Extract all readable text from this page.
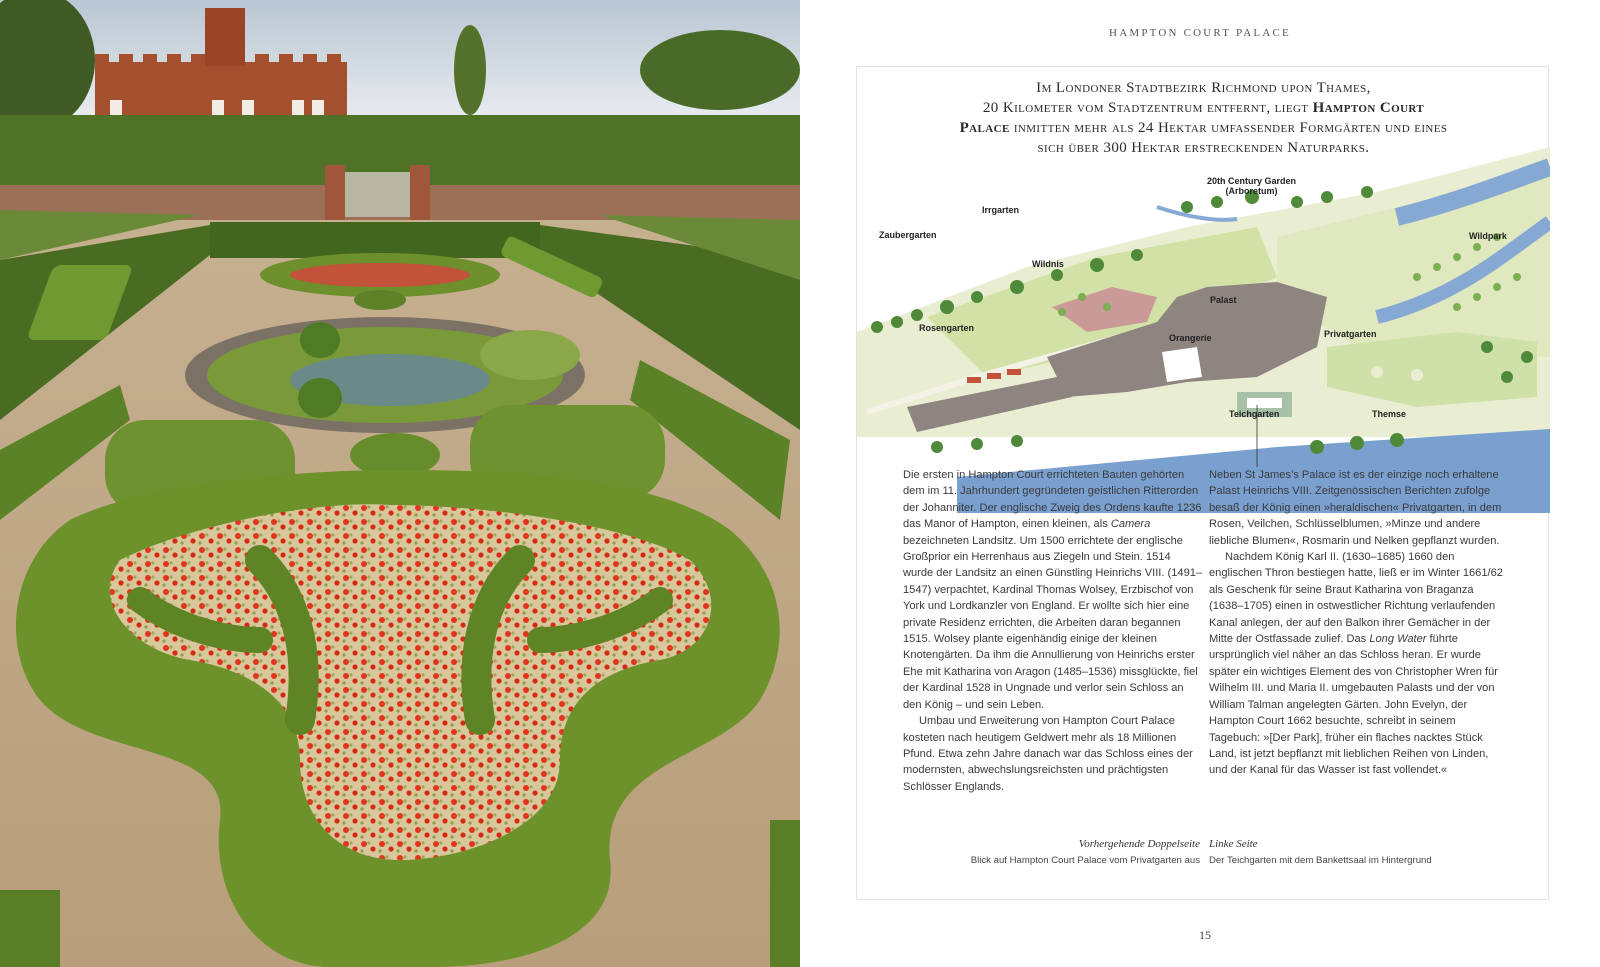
HAMPTON COURT PALACE
Im Londoner Stadtbezirk Richmond upon Thames,
20 Kilometer vom Stadtzentrum entfernt, liegt Hampton Court
Palace inmitten mehr als 24 Hektar umfassender Formgärten und eines
sich über 300 Hektar erstreckenden Naturparks.
Zaubergarten
Irrgarten
20th Century Garden
(Arboretum)
Wildpark
Wildnis
Palast
Rosengarten
Orangerie	Privatgarten
Teichgarten	Themse

Die ersten in Hampton Court errichteten Bauten gehörten dem im 11. Jahrhundert gegründeten geistlichen Ritterorden der Johanniter. Der englische Zweig des Ordens kaufte 1236 das Manor of Hampton, einen kleinen, als Camera bezeichneten Landsitz. Um 1500 errichtete der englische Großprior ein Herrenhaus aus Ziegeln und Stein. 1514 wurde der Landsitz an einen Günstling Heinrichs VIII. (1491–1547) verpachtet, Kardinal Thomas Wolsey, Erzbischof von York und Lordkanzler von England. Er wollte sich hier eine private Residenz errichten, die Arbeiten daran begannen 1515. Wolsey plante eigenhändig einige der kleinen Knotengärten. Da ihm die Annullierung von Heinrichs erster Ehe mit Katharina von Aragon (1485–1536) missglückte, fiel der Kardinal 1528 in Ungnade und verlor sein Schloss an den König – und sein Leben.

Umbau und Erweiterung von Hampton Court Palace kosteten nach heutigem Geldwert mehr als 18 Millionen Pfund. Etwa zehn Jahre danach war das Schloss eines der modernsten, abwechslungsreichsten und prächtigsten Schlösser Englands.

Neben St James’s Palace ist es der einzige noch erhaltene Palast Heinrichs VIII. Zeitgenössischen Berichten zufolge besaß der König einen »heraldischen« Privatgarten, in dem Rosen, Veilchen, Schlüsselblumen, »Minze und andere liebliche Blumen«, Rosmarin und Nelken gepflanzt wurden.

Nachdem König Karl II. (1630–1685) 1660 den englischen Thron bestiegen hatte, ließ er im Winter 1661/62 als Geschenk für seine Braut Katharina von Braganza (1638–1705) einen in ostwestlicher Richtung verlaufenden Kanal anlegen, der auf den Balkon ihrer Gemächer in der Mitte der Ostfassade zulief. Das Long Water führte ursprünglich viel näher an das Schloss heran. Er wurde später ein wichtiges Element des von Christopher Wren für Wilhelm III. und Maria II. umgebauten Palasts und der von William Talman angelegten Gärten. John Evelyn, der Hampton Court 1662 besuchte, schreibt in seinem Tagebuch: »[Der Park], früher ein flaches nacktes Stück Land, ist jetzt bepflanzt mit lieblichen Reihen von Linden, und der Kanal für das Wasser ist fast vollendet.«

Vorhergehende Doppelseite
Blick auf Hampton Court Palace vom Privatgarten aus
Linke Seite
Der Teichgarten mit dem Bankettsaal im Hintergrund
15
